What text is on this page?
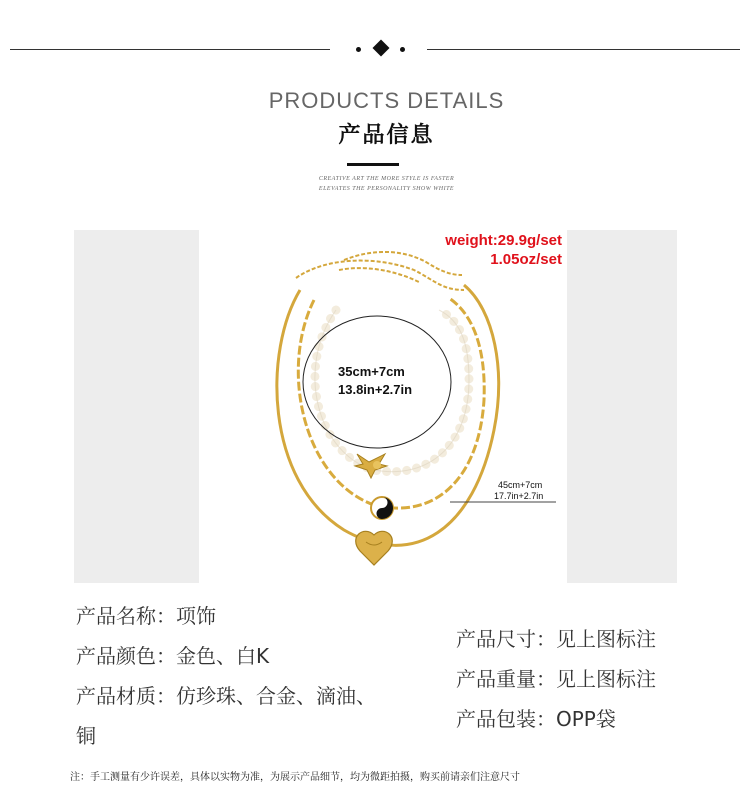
PRODUCTS DETAILS
产品信息
CREATIVE ART THE MORE STYLE IS FASTER
ELEVATES THE PERSONALITY SHOW WHITE
weight:29.9g/set
1.05oz/set
35cm+7cm
13.8in+2.7in
45cm+7cm
17.7in+2.7in
产品名称：项饰
产品颜色：金色、白K
产品材质：仿珍珠、合金、滴油、
铜
产品尺寸：见上图标注
产品重量：见上图标注
产品包装：OPP袋
注：手工测量有少许误差，具体以实物为准，为展示产品细节，均为微距拍摄，购买前请亲们注意尺寸
